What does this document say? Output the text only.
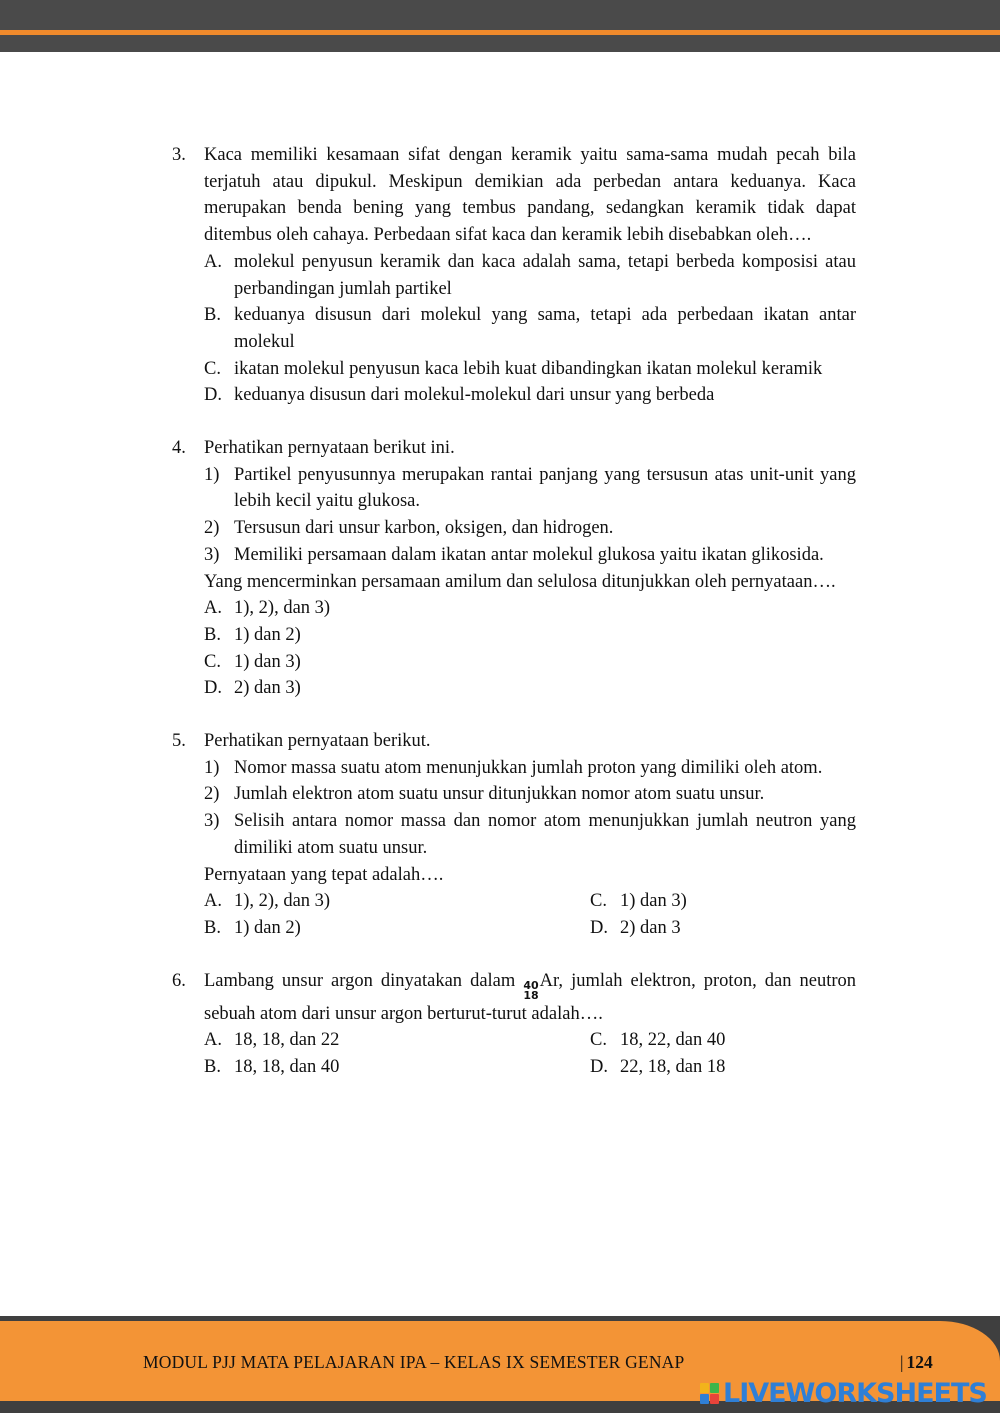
3. Kaca memiliki kesamaan sifat dengan keramik yaitu sama-sama mudah pecah bila terjatuh atau dipukul. Meskipun demikian ada perbedan antara keduanya. Kaca merupakan benda bening yang tembus pandang, sedangkan keramik tidak dapat ditembus oleh cahaya. Perbedaan sifat kaca dan keramik lebih disebabkan oleh….
A. molekul penyusun keramik dan kaca adalah sama, tetapi berbeda komposisi atau perbandingan jumlah partikel
B. keduanya disusun dari molekul yang sama, tetapi ada perbedaan ikatan antar molekul
C. ikatan molekul penyusun kaca lebih kuat dibandingkan ikatan molekul keramik
D. keduanya disusun dari molekul-molekul dari unsur yang berbeda
4. Perhatikan pernyataan berikut ini.
1) Partikel penyusunnya merupakan rantai panjang yang tersusun atas unit-unit yang lebih kecil yaitu glukosa.
2) Tersusun dari unsur karbon, oksigen, dan hidrogen.
3) Memiliki persamaan dalam ikatan antar molekul glukosa yaitu ikatan glikosida.
Yang mencerminkan persamaan amilum dan selulosa ditunjukkan oleh pernyataan….
A. 1), 2), dan 3)
B. 1) dan 2)
C. 1) dan 3)
D. 2) dan 3)
5. Perhatikan pernyataan berikut.
1) Nomor massa suatu atom menunjukkan jumlah proton yang dimiliki oleh atom.
2) Jumlah elektron atom suatu unsur ditunjukkan nomor atom suatu unsur.
3) Selisih antara nomor massa dan nomor atom menunjukkan jumlah neutron yang dimiliki atom suatu unsur.
Pernyataan yang tepat adalah….
A. 1), 2), dan 3)	C. 1) dan 3)
B. 1) dan 2)	D. 2) dan 3
6. Lambang unsur argon dinyatakan dalam 40
18
Ar, jumlah elektron, proton, dan neutron sebuah atom dari unsur argon berturut-turut adalah….
A. 18, 18, dan 22	C. 18, 22, dan 40
B. 18, 18, dan 40	D. 22, 18, dan 18
MODUL PJJ MATA PELAJARAN IPA – KELAS IX SEMESTER GENAP	| 124
LIVEWORKSHEETS
